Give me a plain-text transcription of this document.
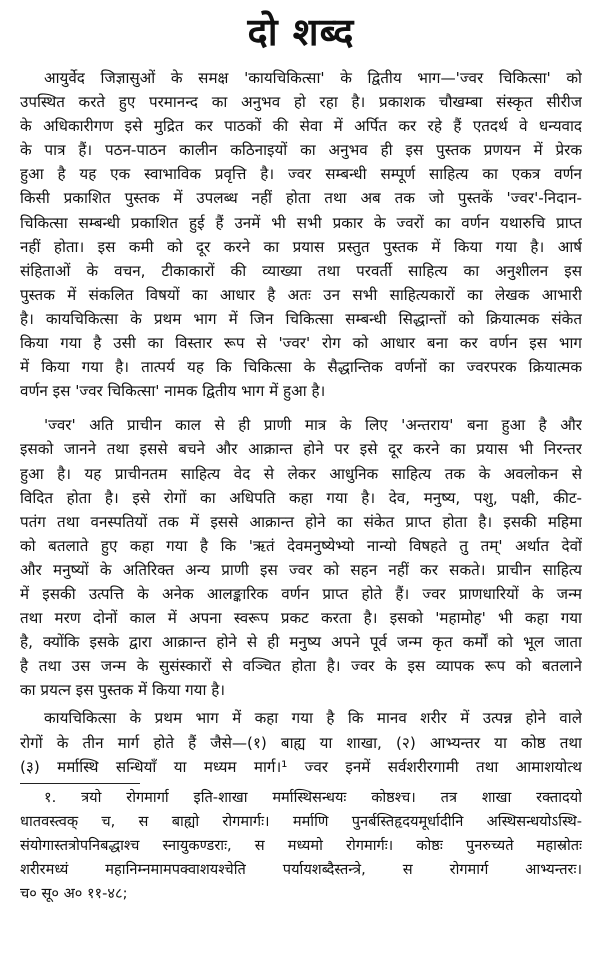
दो शब्द
आयुर्वेद जिज्ञासुओं के समक्ष 'कायचिकित्सा' के द्वितीय भाग—'ज्वर चिकित्सा' को
उपस्थित करते हुए परमानन्द का अनुभव हो रहा है। प्रकाशक चौखम्बा संस्कृत सीरीज
के अधिकारीगण इसे मुद्रित कर पाठकों की सेवा में अर्पित कर रहे हैं एतदर्थ वे धन्यवाद
के पात्र हैं। पठन-पाठन कालीन कठिनाइयों का अनुभव ही इस पुस्तक प्रणयन में प्रेरक
हुआ है यह एक स्वाभाविक प्रवृत्ति है। ज्वर सम्बन्धी सम्पूर्ण साहित्य का एकत्र वर्णन
किसी प्रकाशित पुस्तक में उपलब्ध नहीं होता तथा अब तक जो पुस्तकें 'ज्वर'-निदान-
चिकित्सा सम्बन्धी प्रकाशित हुई हैं उनमें भी सभी प्रकार के ज्वरों का वर्णन यथारुचि प्राप्त
नहीं होता। इस कमी को दूर करने का प्रयास प्रस्तुत पुस्तक में किया गया है। आर्ष
संहिताओं के वचन, टीकाकारों की व्याख्या तथा परवर्ती साहित्य का अनुशीलन इस
पुस्तक में संकलित विषयों का आधार है अतः उन सभी साहित्यकारों का लेखक आभारी
है। कायचिकित्सा के प्रथम भाग में जिन चिकित्सा सम्बन्धी सिद्धान्तों को क्रियात्मक संकेत
किया गया है उसी का विस्तार रूप से 'ज्वर' रोग को आधार बना कर वर्णन इस भाग
में किया गया है। तात्पर्य यह कि चिकित्सा के सैद्धान्तिक वर्णनों का ज्वरपरक क्रियात्मक
वर्णन इस 'ज्वर चिकित्सा' नामक द्वितीय भाग में हुआ है।
'ज्वर' अति प्राचीन काल से ही प्राणी मात्र के लिए 'अन्तराय' बना हुआ है और
इसको जानने तथा इससे बचने और आक्रान्त होने पर इसे दूर करने का प्रयास भी निरन्तर
हुआ है। यह प्राचीनतम साहित्य वेद से लेकर आधुनिक साहित्य तक के अवलोकन से
विदित होता है। इसे रोगों का अधिपति कहा गया है। देव, मनुष्य, पशु, पक्षी, कीट-
पतंग तथा वनस्पतियों तक में इससे आक्रान्त होने का संकेत प्राप्त होता है। इसकी महिमा
को बतलाते हुए कहा गया है कि 'ऋतं देवमनुष्येभ्यो नान्यो विषहते तु तम्' अर्थात देवों
और मनुष्यों के अतिरिक्त अन्य प्राणी इस ज्वर को सहन नहीं कर सकते। प्राचीन साहित्य
में इसकी उत्पत्ति के अनेक आलङ्कारिक वर्णन प्राप्त होते हैं। ज्वर प्राणधारियों के जन्म
तथा मरण दोनों काल में अपना स्वरूप प्रकट करता है। इसको 'महामोह' भी कहा गया
है, क्योंकि इसके द्वारा आक्रान्त होने से ही मनुष्य अपने पूर्व जन्म कृत कर्मों को भूल जाता
है तथा उस जन्म के सुसंस्कारों से वञ्चित होता है। ज्वर के इस व्यापक रूप को बतलाने
का प्रयत्न इस पुस्तक में किया गया है।
कायचिकित्सा के प्रथम भाग में कहा गया है कि मानव शरीर में उत्पन्न होने वाले
रोगों के तीन मार्ग होते हैं जैसे—(१) बाह्य या शाखा, (२) आभ्यन्तर या कोष्ठ तथा
(३) मर्मास्थि सन्धियाँ या मध्यम मार्ग।¹ ज्वर इनमें सर्वशरीरगामी तथा आमाशयोत्थ
१. त्रयो रोगमार्गा इति-शाखा मर्मास्थिसन्धयः कोष्ठश्च। तत्र शाखा रक्तादयो
धातवस्त्वक् च, स बाह्यो रोगमार्गः। मर्माणि पुनर्बस्तिहृदयमूर्धादीनि अस्थिसन्धयोऽस्थि-
संयोगास्तत्रोपनिबद्धाश्च स्नायुकण्डराः, स मध्यमो रोगमार्गः। कोष्ठः पुनरुच्यते महास्रोतः
शरीरमध्यं महानिम्नमामपक्वाशयश्चेति पर्यायशब्दैस्तन्त्रे, स रोगमार्ग आभ्यन्तरः।
च० सू० अ० ११-४८;
